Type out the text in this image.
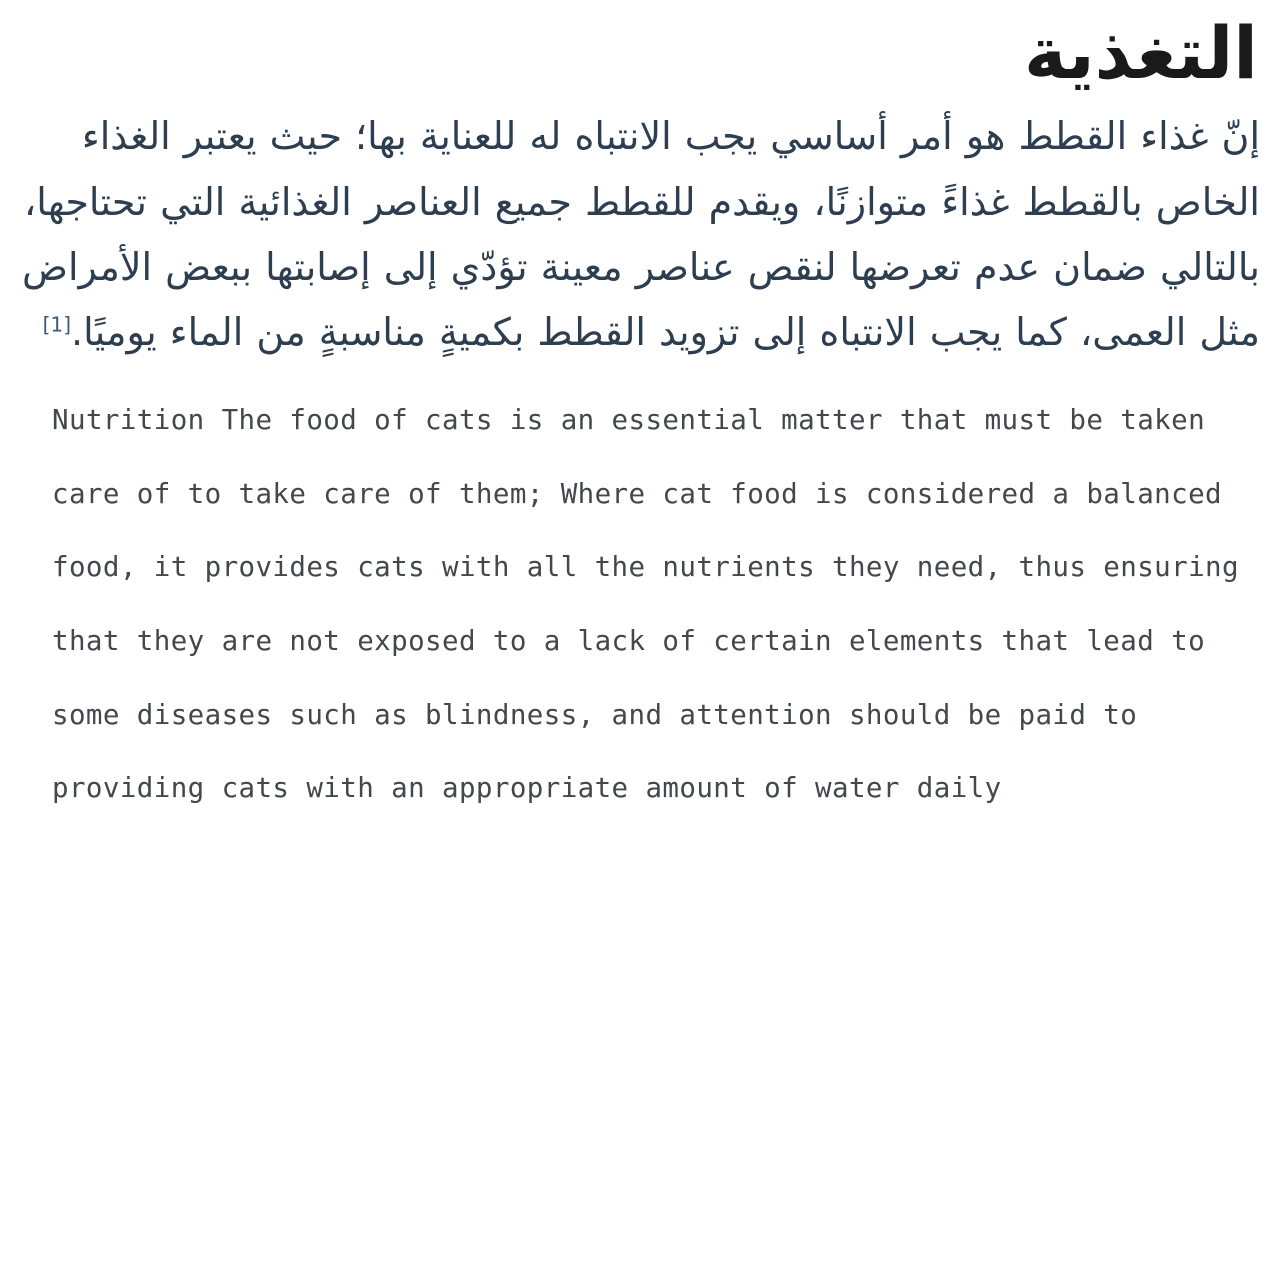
التغذية

إنّ غذاء القطط هو أمر أساسي يجب الانتباه له للعناية بها؛ حيث يعتبر الغذاء الخاص بالقطط غذاءً متوازنًا، ويقدم للقطط جميع العناصر الغذائية التي تحتاجها، بالتالي ضمان عدم تعرضها لنقص عناصر معينة تؤدّي إلى إصابتها ببعض الأمراض مثل العمى، كما يجب الانتباه إلى تزويد القطط بكميةٍ مناسبةٍ من الماء يوميًا.[1]

Nutrition The food of cats is an essential matter that must be taken care of to take care of them; Where cat food is considered a balanced food, it provides cats with all the nutrients they need, thus ensuring that they are not exposed to a lack of certain elements that lead to some diseases such as blindness, and attention should be paid to providing cats with an appropriate amount of water daily
